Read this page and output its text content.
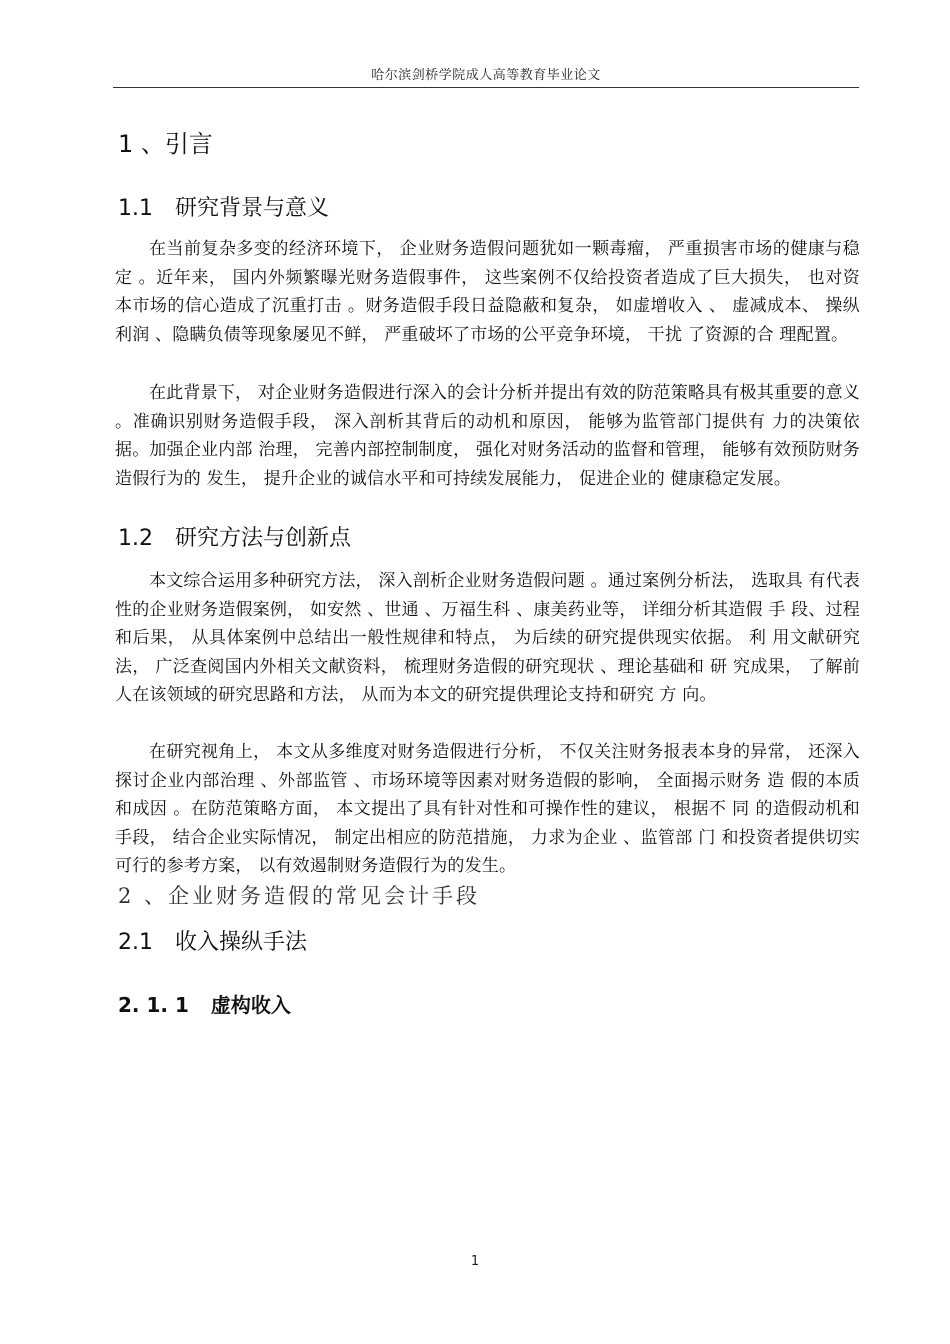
哈尔滨剑桥学院成人高等教育毕业论文
1 、引言
1.1 研究背景与意义

在当前复杂多变的经济环境下， 企业财务造假问题犹如一颗毒瘤， 严重损害市场的健康与稳定 。近年来， 国内外频繁曝光财务造假事件， 这些案例不仅给投资者造成了巨大损失， 也对资 本市场的信心造成了沉重打击 。财务造假手段日益隐蔽和复杂， 如虚增收入 、 虚减成本、 操纵利润 、隐瞒负债等现象屡见不鲜， 严重破坏了市场的公平竞争环境， 干扰 了资源的合 理配置。

在此背景下， 对企业财务造假进行深入的会计分析并提出有效的防范策略具有极其重要的意义 。准确识别财务造假手段， 深入剖析其背后的动机和原因， 能够为监管部门提供有 力的决策依据。加强企业内部 治理， 完善内部控制制度， 强化对财务活动的监督和管理， 能够有效预防财务造假行为的 发生， 提升企业的诚信水平和可持续发展能力， 促进企业的 健康稳定发展。

1.2 研究方法与创新点

本文综合运用多种研究方法， 深入剖析企业财务造假问题 。通过案例分析法， 选取具 有代表性的企业财务造假案例， 如安然 、世通 、万福生科 、康美药业等， 详细分析其造假 手 段、过程和后果， 从具体案例中总结出一般性规律和特点， 为后续的研究提供现实依据。 利 用文献研究法， 广泛查阅国内外相关文献资料， 梳理财务造假的研究现状 、理论基础和 研 究成果， 了解前人在该领域的研究思路和方法， 从而为本文的研究提供理论支持和研究 方 向。

在研究视角上， 本文从多维度对财务造假进行分析， 不仅关注财务报表本身的异常， 还深入探讨企业内部治理 、外部监管 、市场环境等因素对财务造假的影响， 全面揭示财务 造 假的本质和成因 。在防范策略方面， 本文提出了具有针对性和可操作性的建议， 根据不 同 的造假动机和手段， 结合企业实际情况， 制定出相应的防范措施， 力求为企业 、监管部 门 和投资者提供切实可行的参考方案， 以有效遏制财务造假行为的发生。

2 、企业财务造假的常见会计手段
2.1 收入操纵手法
2. 1. 1 虚构收入
1
